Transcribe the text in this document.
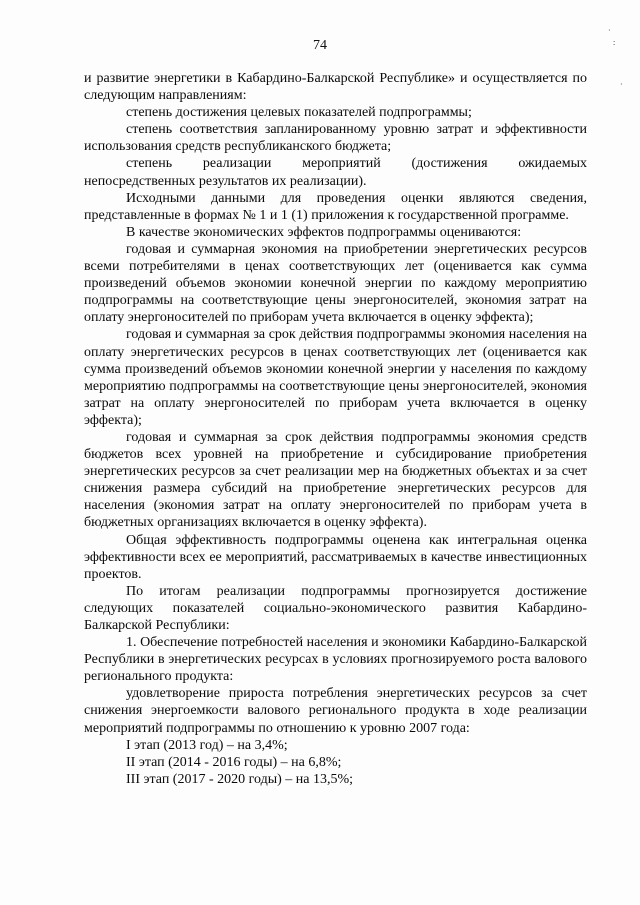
74
·
:
·

и развитие энергетики в Кабардино-Балкарской Республике» и осуществляется по следующим направлениям:

степень достижения целевых показателей подпрограммы;

степень соответствия запланированному уровню затрат и эффективности использования средств республиканского бюджета;

степень реализации мероприятий (достижения ожидаемых непосредственных результатов их реализации).

Исходными данными для проведения оценки являются сведения, представленные в формах № 1 и 1 (1) приложения к государственной программе.

В качестве экономических эффектов подпрограммы оцениваются:

годовая и суммарная экономия на приобретении энергетических ресурсов всеми потребителями в ценах соответствующих лет (оценивается как сумма произведений объемов экономии конечной энергии по каждому мероприятию подпрограммы на соответствующие цены энергоносителей, экономия затрат на оплату энергоносителей по приборам учета включается в оценку эффекта);

годовая и суммарная за срок действия подпрограммы экономия населения на оплату энергетических ресурсов в ценах соответствующих лет (оценивается как сумма произведений объемов экономии конечной энергии у населения по каждому мероприятию подпрограммы на соответствующие цены энергоносителей, экономия затрат на оплату энергоносителей по приборам учета включается в оценку эффекта);

годовая и суммарная за срок действия подпрограммы экономия средств бюджетов всех уровней на приобретение и субсидирование приобретения энергетических ресурсов за счет реализации мер на бюджетных объектах и за счет снижения размера субсидий на приобретение энергетических ресурсов для населения (экономия затрат на оплату энергоносителей по приборам учета в бюджетных организациях включается в оценку эффекта).

Общая эффективность подпрограммы оценена как интегральная оценка эффективности всех ее мероприятий, рассматриваемых в качестве инвестиционных проектов.

По итогам реализации подпрограммы прогнозируется достижение следующих показателей социально-экономического развития Кабардино-Балкарской Республики:

1. Обеспечение потребностей населения и экономики Кабардино-Балкарской Республики в энергетических ресурсах в условиях прогнозируемого роста валового регионального продукта:

удовлетворение прироста потребления энергетических ресурсов за счет снижения энергоемкости валового регионального продукта в ходе реализации мероприятий подпрограммы по отношению к уровню 2007 года:

I этап (2013 год) – на 3,4%;

II этап (2014 - 2016 годы) – на 6,8%;

III этап (2017 - 2020 годы) – на 13,5%;
